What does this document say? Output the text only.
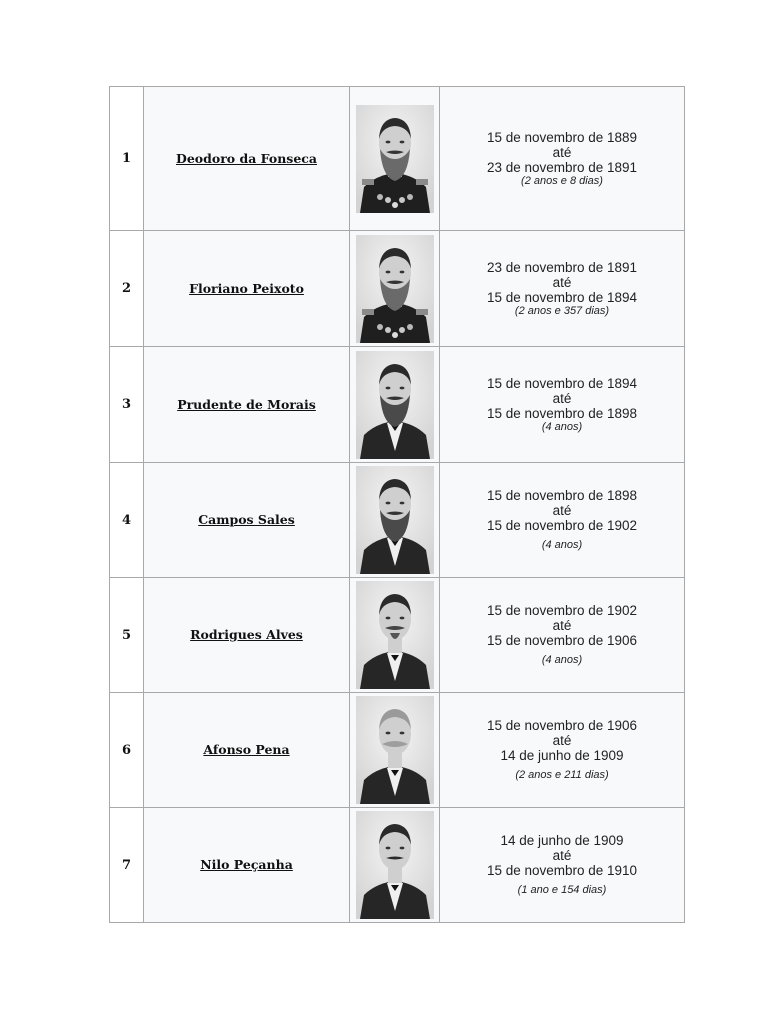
1	Deodoro da Fonseca		15 de novembro de 1889
até
23 de novembro de 1891
(2 anos e 8 dias)

2	Floriano Peixoto		23 de novembro de 1891
até
15 de novembro de 1894
(2 anos e 357 dias)

3	Prudente de Morais		15 de novembro de 1894
até
15 de novembro de 1898
(4 anos)

4	Campos Sales		15 de novembro de 1898
até
15 de novembro de 1902
(4 anos)

5	Rodrigues Alves		15 de novembro de 1902
até
15 de novembro de 1906
(4 anos)

6	Afonso Pena		15 de novembro de 1906
até
14 de junho de 1909
(2 anos e 211 dias)

7	Nilo Peçanha		14 de junho de 1909
até
15 de novembro de 1910
(1 ano e 154 dias)
